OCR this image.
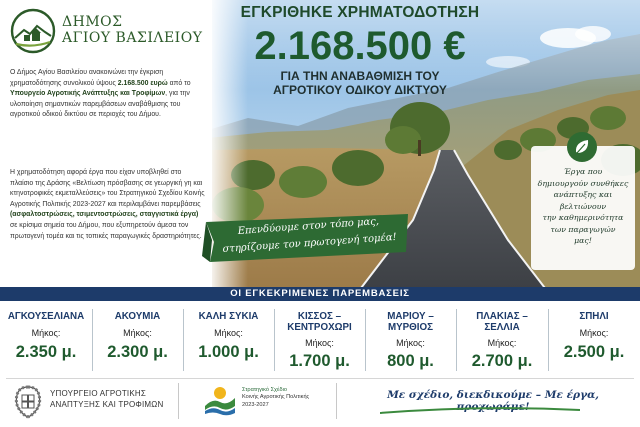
ΔΗΜΟΣ
ΑΓΙΟΥ ΒΑΣΙΛΕΙΟΥ
Ο Δήμος Αγίου Βασιλείου ανακοινώνει την έγκριση χρηματοδότησης συνολικού ύψους 2.168.500 ευρώ από το Υπουργείο Αγροτικής Ανάπτυξης και Τροφίμων, για την υλοποίηση σημαντικών παρεμβάσεων αναβάθμισης του αγροτικού οδικού δικτύου σε περιοχές του Δήμου.
Η χρηματοδότηση αφορά έργα που είχαν υποβληθεί στο πλαίσιο της Δράσης «Βελτίωση πρόσβασης σε γεωργική γη και κτηνοτροφικές εκμεταλλεύσεις» του Στρατηγικού Σχεδίου Κοινής Αγροτικής Πολιτικής 2023-2027 και περιλαμβάνει παρεμβάσεις (ασφαλτοστρώσεις, τσιμεντοστρώσεις, σταγγιστικά έργα) σε κρίσιμα σημεία του Δήμου, που εξυπηρετούν άμεσα τον πρωτογενή τομέα και τις τοπικές παραγωγικές δραστηριότητες.
ΕΓΚΡΙΘΗΚΕ ΧΡΗΜΑΤΟΔΟΤΗΣΗ
2.168.500 €
ΓΙΑ ΤΗΝ ΑΝΑΒΑΘΜΙΣΗ ΤΟΥ
ΑΓΡΟΤΙΚΟΥ ΟΔΙΚΟΥ ΔΙΚΤΥΟΥ
Επενδύουμε στον τόπο μας,
στηρίζουμε τον πρωτογενή τομέα!
Έργα που
δημιουργούν συνθήκες
ανάπτυξης και βελτιώνουν
την καθημερινότητα
των παραγωγών
μας!
ΟΙ ΕΓΚΕΚΡΙΜΕΝΕΣ ΠΑΡΕΜΒΑΣΕΙΣ
ΑΓΚΟΥΣΕΛΙΑΝΑ
Μήκος:
2.350 μ.
ΑΚΟΥΜΙΑ
Μήκος:
2.300 μ.
ΚΑΛΗ ΣΥΚΙΑ
Μήκος:
1.000 μ.
ΚΙΣΣΟΣ –
ΚΕΝΤΡΟΧΩΡΙ
Μήκος:
1.700 μ.
ΜΑΡΙΟΥ –
ΜΥΡΘΙΟΣ
Μήκος:
800 μ.
ΠΛΑΚΙΑΣ –
ΣΕΛΛΙΑ
Μήκος:
2.700 μ.
ΣΠΗΛΙ
Μήκος:
2.500 μ.
ΥΠΟΥΡΓΕΙΟ ΑΓΡΟΤΙΚΗΣ
ΑΝΑΠΤΥΞΗΣ ΚΑΙ ΤΡΟΦΙΜΩΝ
Στρατηγικό Σχέδιο
Κοινής Αγροτικής Πολιτικής
2023-2027
Με σχέδιο, διεκδικούμε – Με έργα, προχωράμε!
